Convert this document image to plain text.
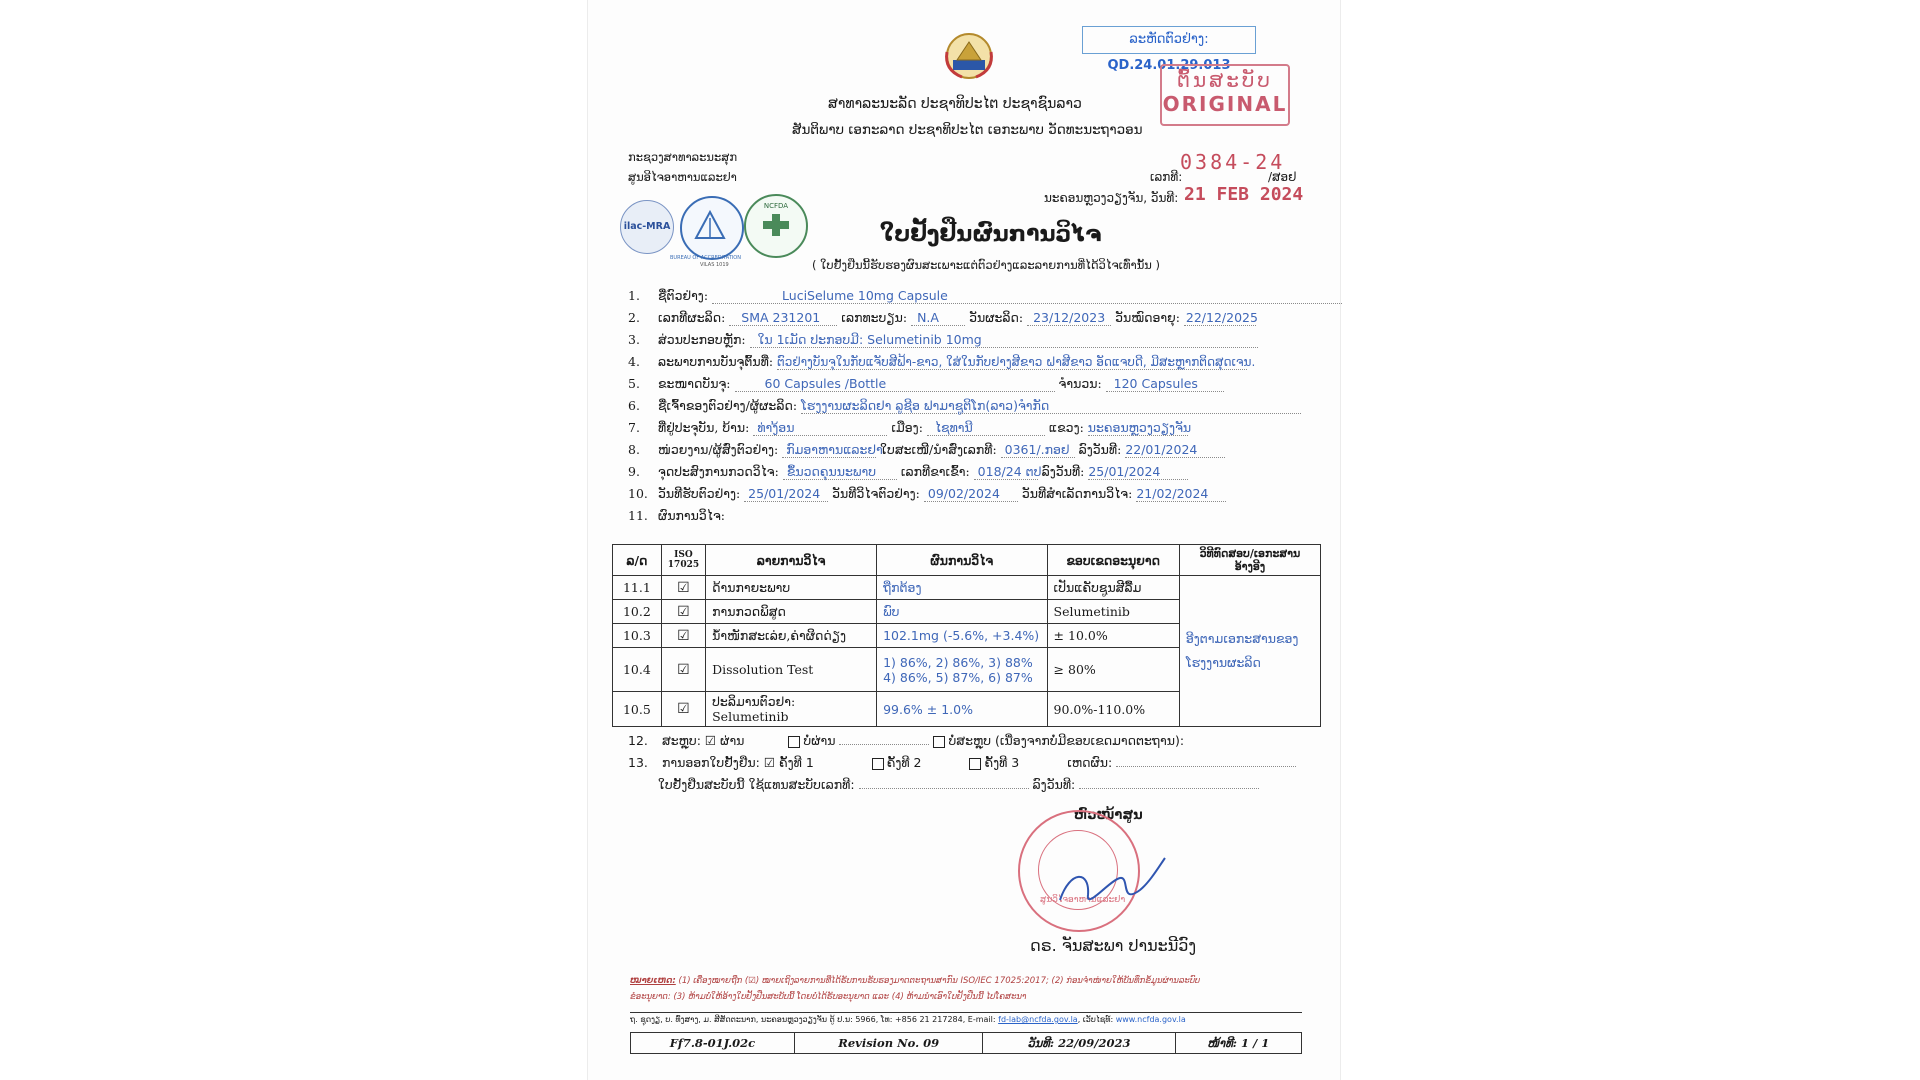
ລະຫັດຕົວຢ່າງ: QD.24.01.29.013
ຕົ້ນສະບັບ
ORIGINAL
ສາທາລະນະລັດ ປະຊາທິປະໄຕ ປະຊາຊົນລາວ
ສັນຕິພາບ ເອກະລາດ ປະຊາທິປະໄຕ ເອກະພາບ ວັດທະນະຖາວອນ
ກະຊວງສາທາລະນະສຸກ
ສູນອີໄຈອາຫານແລະຢາ	ເລກທີ:
0384-24
/ສອຢ
ນະຄອນຫຼວງວຽງຈັນ, ວັນທີ: 21 FEB 2024
ilac-MRA
BUREAU OF ACCREDITATION
VILAS 1019
NCFDA
ໃບຢັ້ງຢືນຜົນການວິໄຈ
( ໃບຢັ້ງຢືນນີ້ຮັບຮອງຜົນສະເພາະແຕ່ຕົວຢ່າງແລະລາຍການທີ່ໄດ້ວິໄຈເທົ່ານັ້ນ )
1. ຊື່ຕົວຢ່າງ:	LuciSelume 10mg Capsule
2. ເລກທີຜະລິດ: SMA 231201 ເລກທະບຽນ: N.A ວັນຜະລິດ: 23/12/2023 ວັນໝົດອາຍຸ: 22/12/2025
3. ສ່ວນປະກອບຫຼັກ: ໃນ 1ເມັດ ປະກອບມີ: Selumetinib 10mg
4. ລະພາບການບັນຈຸຕົ້ນທີ່: ຕົວຢ່າງບັນຈຸໃນກັບແຈັບສີຟ້າ-ຂາວ, ໃສ່ໃນກັບຢາງສີຂາວ ຝາສີຂາວ ອັດແຈບດີ, ມີສະຫຼາກຕິດສຸດເຈນ.
5. ຂະໜາດບັນຈຸ:	60 Capsules /Bottle	ຈຳນວນ: 120 Capsules
6. ຊື່ເຈົ້າຂອງຕົວຢ່າງ/ຜູ້ຜະລິດ: ໂຮງງານຜະລິດຢາ ລູຊີອ ຟາມາຊູຕິໂກ(ລາວ)ຈຳກັດ
7. ທີ່ຢູ່ປະຈຸບັນ, ບ້ານ: ທ່າງ້ອນ	ເມືອງ: ໄຊທານີ	ແຂວງ: ນະຄອນຫຼວງວຽງຈັນ
8. ໜ່ວຍງານ/ຜູ້ສົ່ງຕົວຢ່າງ: ກົມອາຫານແລະຢາ ໃບສະເໜີ/ນຳສົ່ງເລກທີ: 0361/.ກອຢ ລົງວັນທີ: 22/01/2024
9. ຈຸດປະສົງການກວດວິໄຈ: ຂຶ້ນວດຄຸນນະພາບ ເລກທີຂາເຂົ້າ: 018/24 ຕປ ລົງວັນທີ: 25/01/2024
10. ວັນທີຮັບຕົວຢ່າງ: 25/01/2024 ວັນທີວິໄຈຕົວຢ່າງ: 09/02/2024 ວັນທີສຳເລັດການວິໄຈ: 21/02/2024
11. ຜົນການວິໄຈ:
ລ/ດ	ISO 17025	ລາຍການວິໄຈ	ຜົນການວິໄຈ	ຂອບເຂດອະນຸຍາດ	ວິທີທົດສອບ/ເອກະສານອ້າງອີງ
11.1	☑	ດ້ານກາຍະພາບ	ຖືກຕ້ອງ	ເປັນແຄັບຊູນສີລື້ມ	ອີງຕາມເອກະສານຂອງ ໂຮງງານຜະລິດ
10.2	☑	ການກວດພິສູດ	ພົບ	Selumetinib	
10.3	☑	ນ້ຳໜັກສະເລ່ຍ,ຄ່າຜິດດ່ຽງ	102.1mg (-5.6%, +3.4%)	± 10.0%	
10.4	☑	Dissolution Test	1) 86%, 2) 86%, 3) 88%
4) 86%, 5) 87%, 6) 87%	≥ 80%	
10.5	☑	ປະລິມານຕົວຢາ: Selumetinib	99.6% ± 1.0%	90.0%-110.0%	
12. ສະຫຼຸບ: ☑ ຜ່ານ	ບໍ່ຜ່ານ	ບໍ່ສະຫຼຸບ (ເນື່ອງຈາກບໍ່ມີຂອບເຂດມາດຕະຖານ):
13. ການອອກໃບຢັ້ງຢືນ: ☑ ຄັ້ງທີ 1	ຄັ້ງທີ 2	ຄັ້ງທີ 3	ເຫດຜົນ:
ໃບຢັ້ງຢືນສະບັບນີ້ ໃຊ້ແທນສະບັບເລກທີ:	ລົງວັນທີ:
ຫົວໜ້າສູນ
ສູນວິໄຈອາຫານແລະຢາ
ດຣ. ຈັນສະພາ ປານະນີວົງ
ໝາຍເຫດ: (1) ເຄື່ອງໝາຍຖືກ (☑) ໝາຍເຖິງລາຍການທີ່ໄດ້ຮັບການຮັບຮອງມາດຕະຖານສາກົນ ISO/IEC 17025:2017; (2) ກ່ອນຈຳໜ່າຍໃຫ້ບັນທຶກຂໍ້ມູນຜ່ານລະບົບ
ຂໍອະນຸຍາດ: (3) ຫ້າມບໍ່ໃຫ້ອ້າງໃບຢັ້ງຢືນສະບັບນີ້ ໂດຍບໍ່ໄດ້ຮັບອະນຸຍາດ ແລະ (4) ຫ້າມນຳເອົາໃບຢັ້ງຢືນນີ້ ໄປໂຄສະນາ
ຖ. ຊຸດງຽ, ບ. ທົ່ງສາງ, ມ. ສີສັດຕະນາກ, ນະຄອນຫຼວງວຽງຈັນ ຕູ້ ປ.ນ: 5966, ໂທ: +856 21 217284, E-mail: fd-lab@ncfda.gov.la, ເວັບໄຊທ໌: www.ncfda.gov.la
Ff7.8-01J.02c	Revision No. 09	ວັນທີ: 22/09/2023	ໜ້າທີ: 1 / 1
